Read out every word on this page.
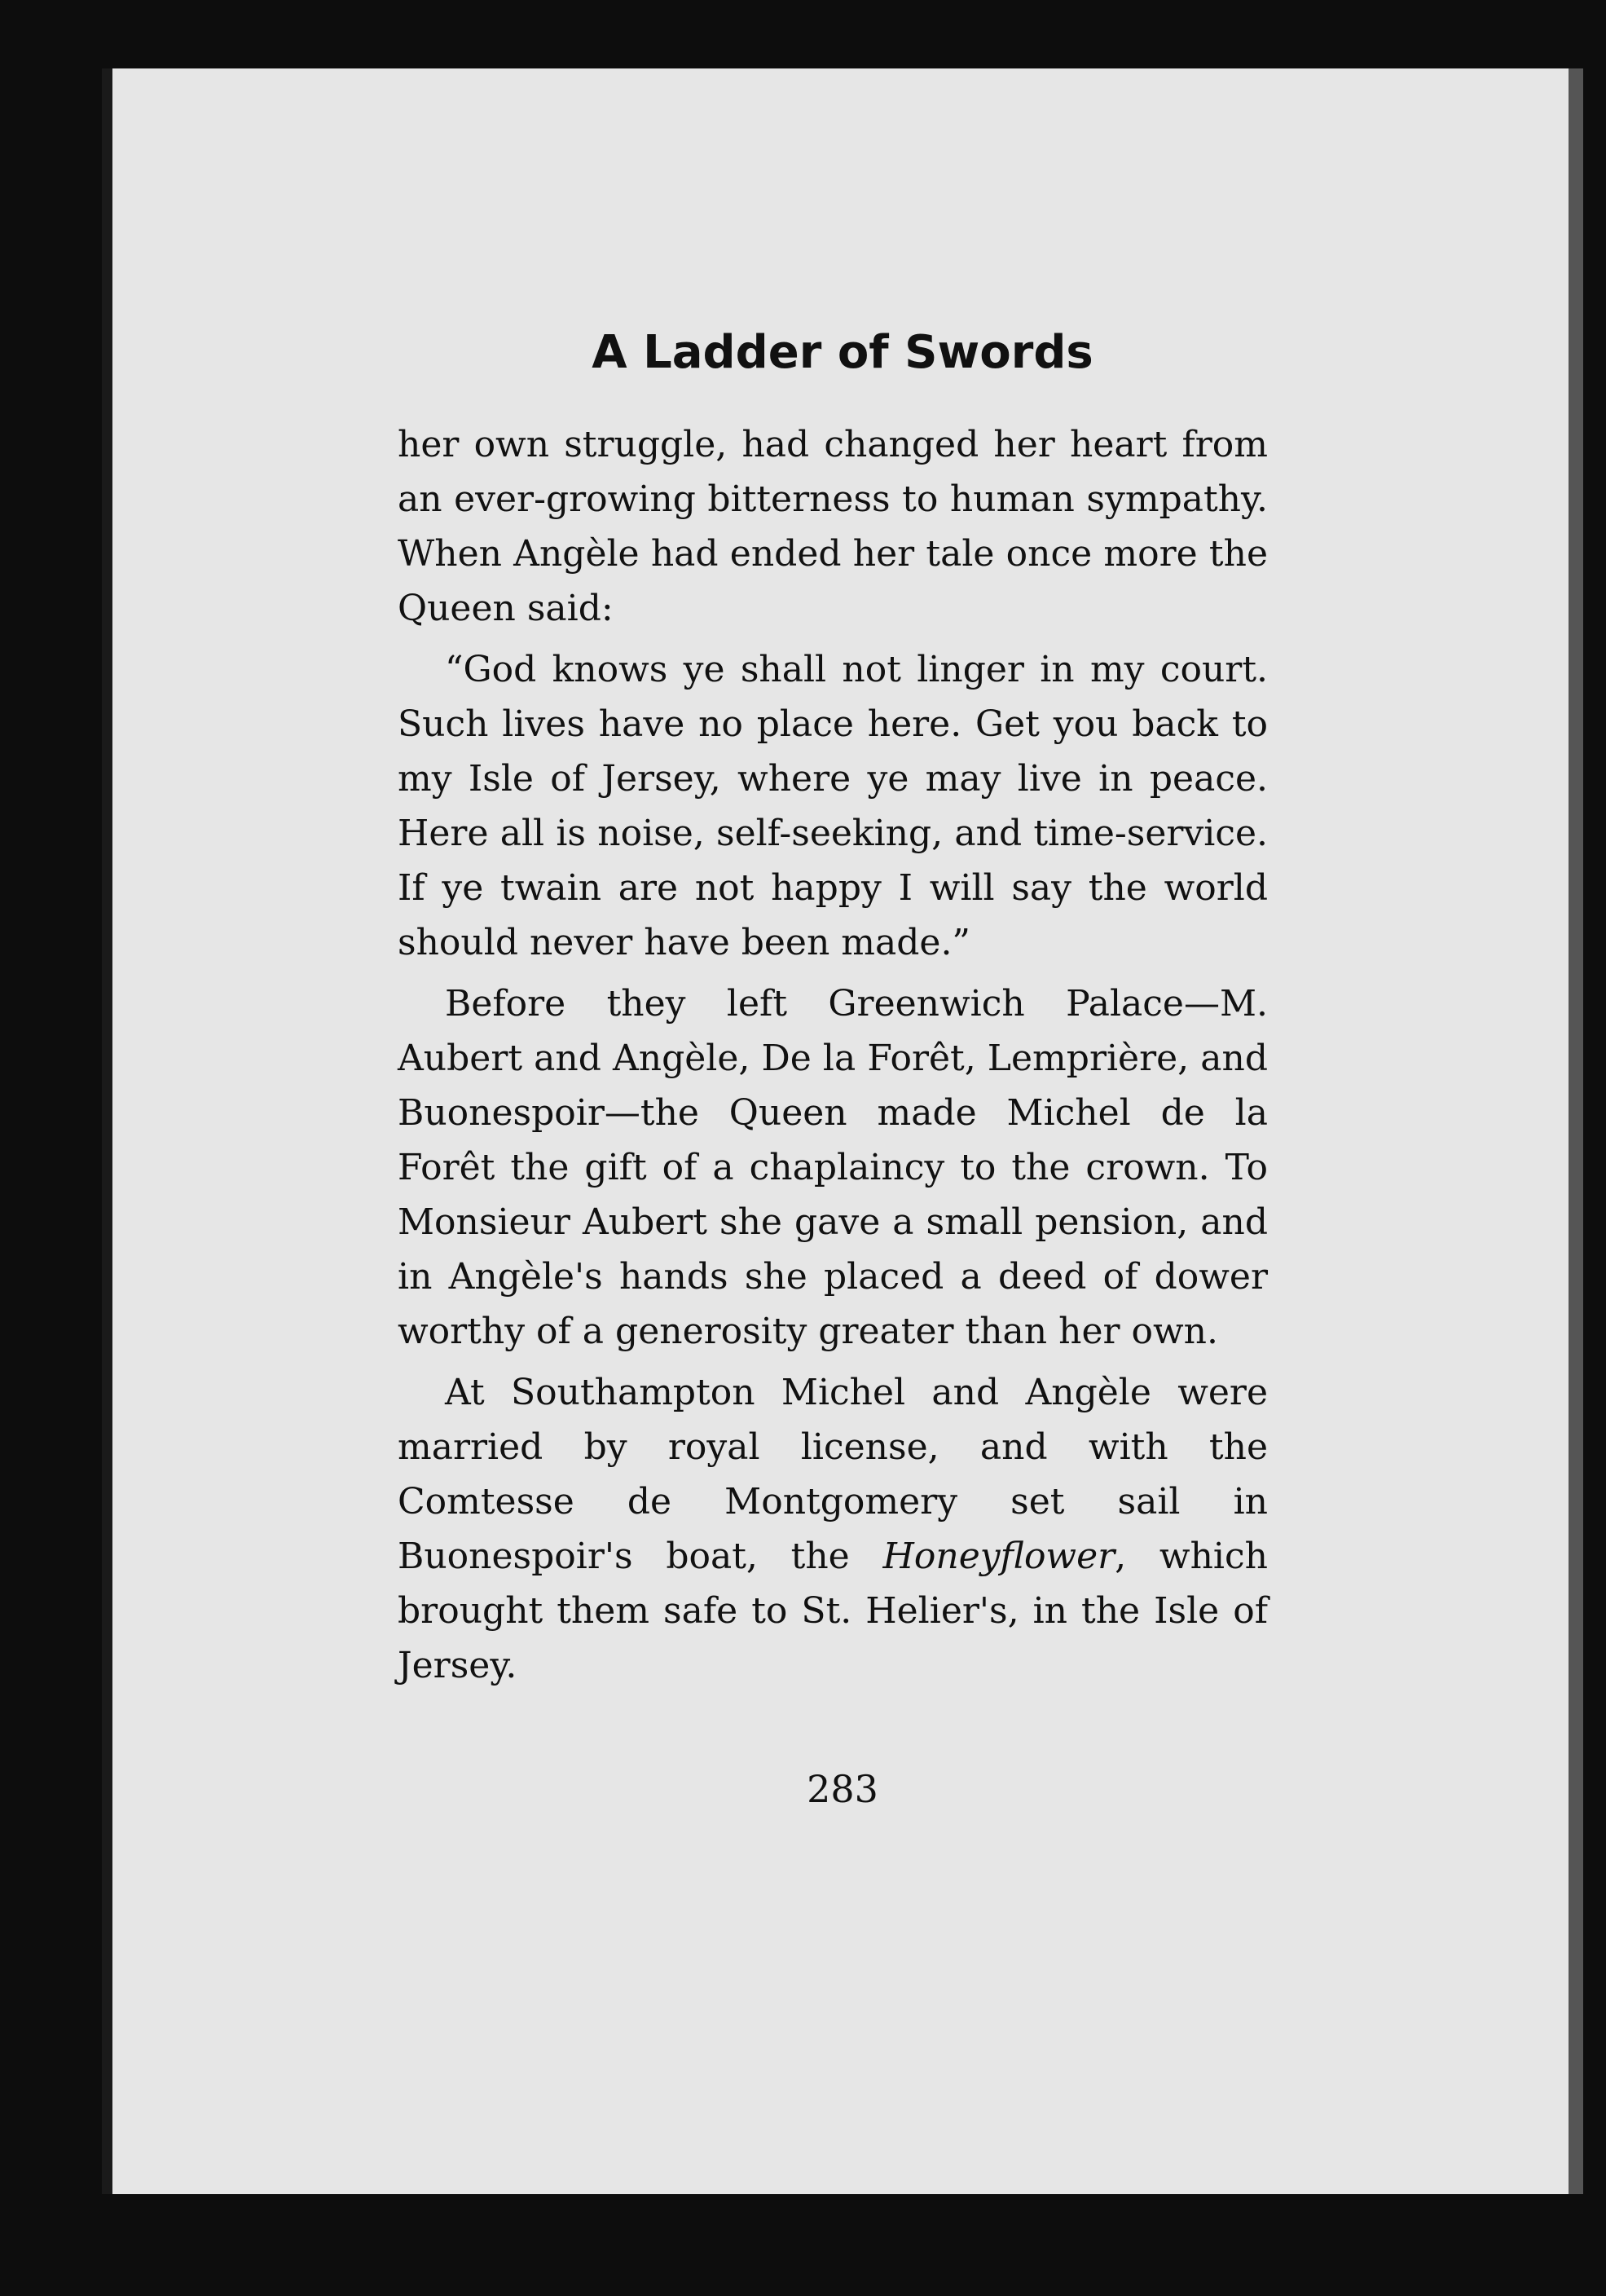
A Ladder of Swords

her own struggle, had changed her heart from an ever-growing bitterness to human sympathy. When Angèle had ended her tale once more the Queen said:

“God knows ye shall not linger in my court. Such lives have no place here. Get you back to my Isle of Jersey, where ye may live in peace. Here all is noise, self-seeking, and time-service. If ye twain are not happy I will say the world should never have been made.”

Before they left Greenwich Palace—M. Aubert and Angèle, De la Forêt, Lemprière, and Buonespoir—the Queen made Michel de la Forêt the gift of a chaplaincy to the crown. To Monsieur Aubert she gave a small pension, and in Angèle's hands she placed a deed of dower worthy of a generosity greater than her own.

At Southampton Michel and Angèle were married by royal license, and with the Comtesse de Montgomery set sail in Buonespoir's boat, the Honeyflower, which brought them safe to St. Helier's, in the Isle of Jersey.

283
